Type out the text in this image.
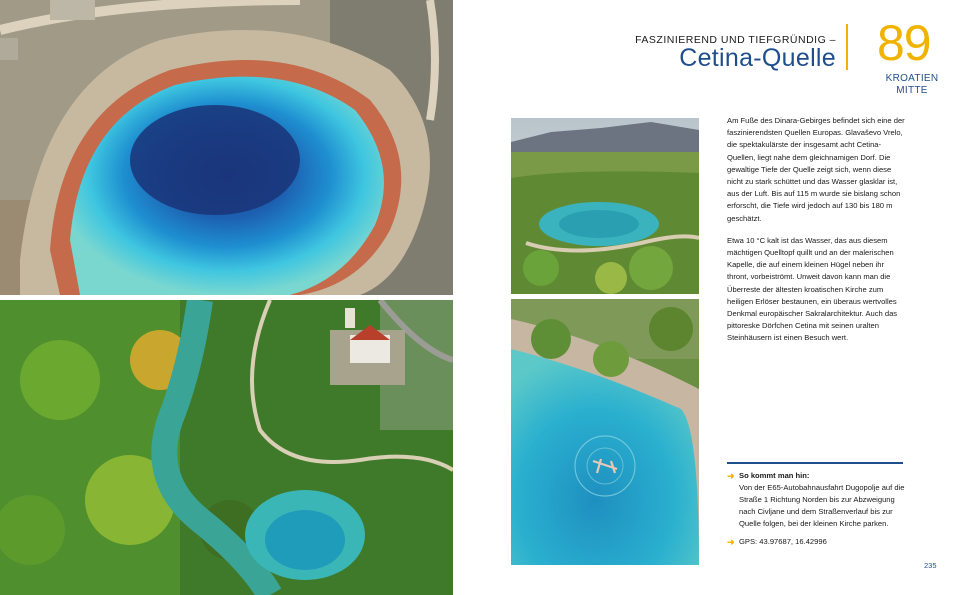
FASZINIEREND UND TIEFGRÜNDIG –
Cetina-Quelle 89
KROATIEN
MITTE

Am Fuße des Dinara-Gebirges befindet sich eine der faszinierendsten Quellen Europas. Glavaševo Vrelo, die spektakulärste der insgesamt acht Cetina-Quellen, liegt nahe dem gleichnamigen Dorf. Die gewaltige Tiefe der Quelle zeigt sich, wenn diese nicht zu stark schüttet und das Wasser glasklar ist, aus der Luft. Bis auf 115 m wurde sie bislang schon erforscht, die Tiefe wird jedoch auf 130 bis 180 m geschätzt.

Etwa 10 °C kalt ist das Wasser, das aus diesem mächtigen Quelltopf quillt und an der malerischen Kapelle, die auf einem kleinen Hügel neben ihr thront, vorbeiströmt. Unweit davon kann man die Überreste der ältesten kroatischen Kirche zum heiligen Erlöser bestaunen, ein überaus wertvolles Denkmal europäischer Sakralarchitektur. Auch das pittoreske Dörfchen Cetina mit seinen uralten Steinhäusern ist einen Besuch wert.

➜ So kommt man hin:
Von der E65-Autobahnausfahrt Dugopolje auf die Straße 1 Richtung Norden bis zur Abzweigung nach Civljane und dem Straßenverlauf bis zur Quelle folgen, bei der kleinen Kirche parken.
➜ GPS: 43.97687, 16.42996
235
